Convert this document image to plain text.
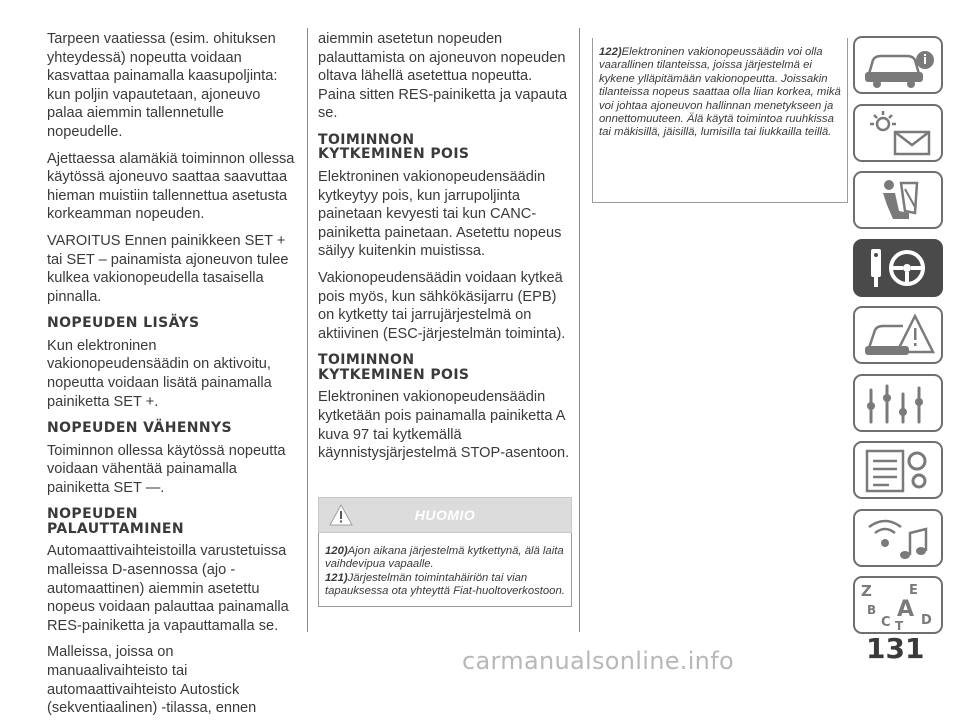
Tarpeen vaatiessa (esim. ohituksen yhteydessä) nopeutta voidaan kasvattaa painamalla kaasupoljinta: kun poljin vapautetaan, ajoneuvo palaa aiemmin tallennetulle nopeudelle.

Ajettaessa alamäkiä toiminnon ollessa käytössä ajoneuvo saattaa saavuttaa hieman muistiin tallennettua asetusta korkeamman nopeuden.

VAROITUS Ennen painikkeen SET + tai SET – painamista ajoneuvon tulee kulkea vakionopeudella tasaisella pinnalla.

NOPEUDEN LISÄYS

Kun elektroninen vakionopeudensäädin on aktivoitu, nopeutta voidaan lisätä painamalla painiketta SET +.

NOPEUDEN VÄHENNYS

Toiminnon ollessa käytössä nopeutta voidaan vähentää painamalla painiketta SET —.

NOPEUDEN
PALAUTTAMINEN

Automaattivaihteistoilla varustetuissa malleissa D-asennossa (ajo - automaattinen) aiemmin asetettu nopeus voidaan palauttaa painamalla RES-painiketta ja vapauttamalla se.

Malleissa, joissa on manuaalivaihteisto tai automaattivaihteisto Autostick (sekventiaalinen) -tilassa, ennen

aiemmin asetetun nopeuden palauttamista on ajoneuvon nopeuden oltava lähellä asetettua nopeutta. Paina sitten RES-painiketta ja vapauta se.

TOIMINNON
KYTKEMINEN POIS

Elektroninen vakionopeudensäädin kytkeytyy pois, kun jarrupoljinta painetaan kevyesti tai kun CANC-painiketta painetaan. Asetettu nopeus säilyy kuitenkin muistissa.

Vakionopeudensäädin voidaan kytkeä pois myös, kun sähkökäsijarru (EPB) on kytketty tai jarrujärjestelmä on aktiivinen (ESC-järjestelmän toiminta).

TOIMINNON
KYTKEMINEN POIS

Elektroninen vakionopeudensäädin kytketään pois painamalla painiketta A kuva 97 tai kytkemällä käynnistysjärjestelmä STOP-asentoon.

HUOMIO
120)Ajon aikana järjestelmä kytkettynä, älä laita vaihdevipua vapaalle.
121)Järjestelmän toimintahäiriön tai vian tapauksessa ota yhteyttä Fiat-huoltoverkostoon.
122)Elektroninen vakionopeussäädin voi olla vaarallinen tilanteissa, joissa järjestelmä ei kykene ylläpitämään vakionopeutta. Joissakin tilanteissa nopeus saattaa olla liian korkea, mikä voi johtaa ajoneuvon hallinnan menetykseen ja onnettomuuteen. Älä käytä toimintoa ruuhkissa tai mäkisillä, jäisillä, lumisilla tai liukkailla teillä.
Z	E
B A
C T D
131
carmanualsonline.info
